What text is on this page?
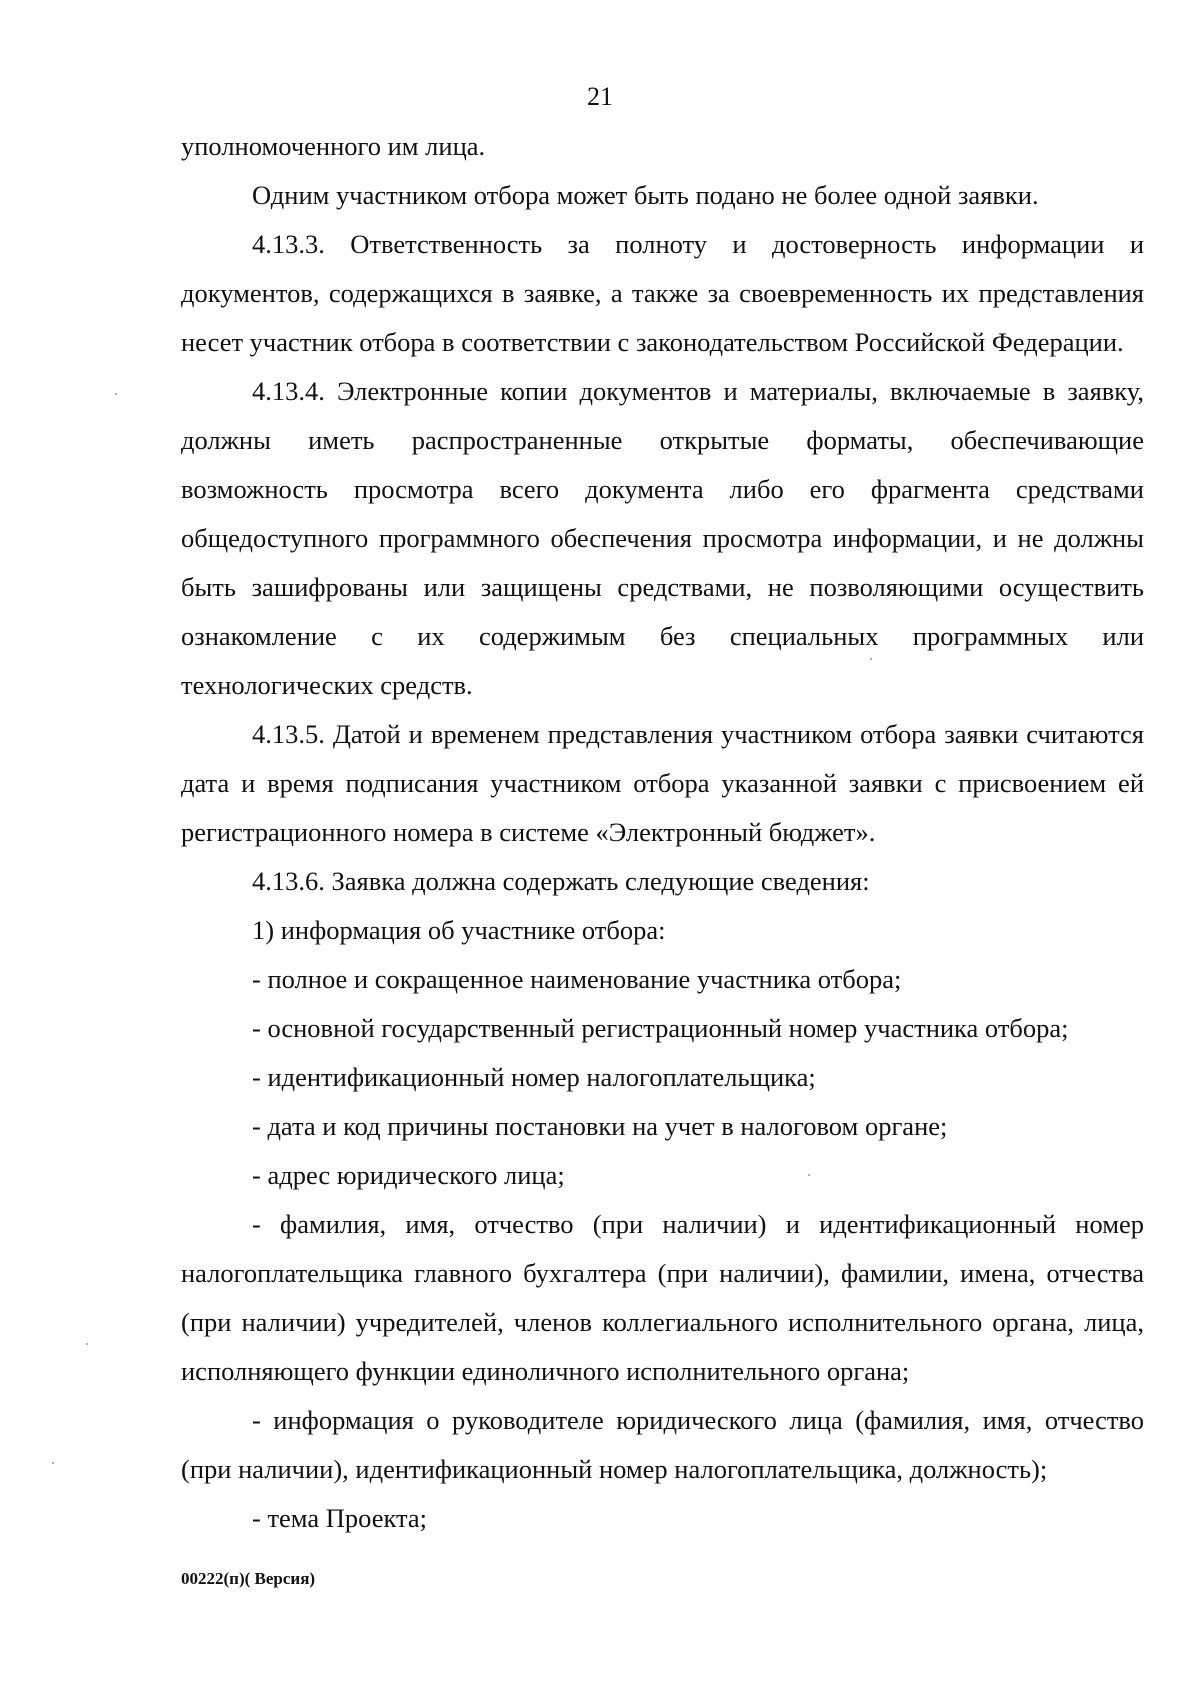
21

уполномоченного им лица.

Одним участником отбора может быть подано не более одной заявки.

4.13.3. Ответственность за полноту и достоверность информации и документов, содержащихся в заявке, а также за своевременность их представления несет участник отбора в соответствии с законодательством Российской Федерации.

4.13.4. Электронные копии документов и материалы, включаемые в заявку, должны иметь распространенные открытые форматы, обеспечивающие возможность просмотра всего документа либо его фрагмента средствами общедоступного программного обеспечения просмотра информации, и не должны быть зашифрованы или защищены средствами, не позволяющими осуществить ознакомление с их содержимым без специальных программных или технологических средств.

4.13.5. Датой и временем представления участником отбора заявки считаются дата и время подписания участником отбора указанной заявки с присвоением ей регистрационного номера в системе «Электронный бюджет».

4.13.6. Заявка должна содержать следующие сведения:

1) информация об участнике отбора:

- полное и сокращенное наименование участника отбора;

- основной государственный регистрационный номер участника отбора;

- идентификационный номер налогоплательщика;

- дата и код причины постановки на учет в налоговом органе;

- адрес юридического лица;

- фамилия, имя, отчество (при наличии) и идентификационный номер налогоплательщика главного бухгалтера (при наличии), фамилии, имена, отчества (при наличии) учредителей, членов коллегиального исполнительного органа, лица, исполняющего функции единоличного исполнительного органа;

- информация о руководителе юридического лица (фамилия, имя, отчество (при наличии), идентификационный номер налогоплательщика, должность);

- тема Проекта;

00222(п)( Версия)
